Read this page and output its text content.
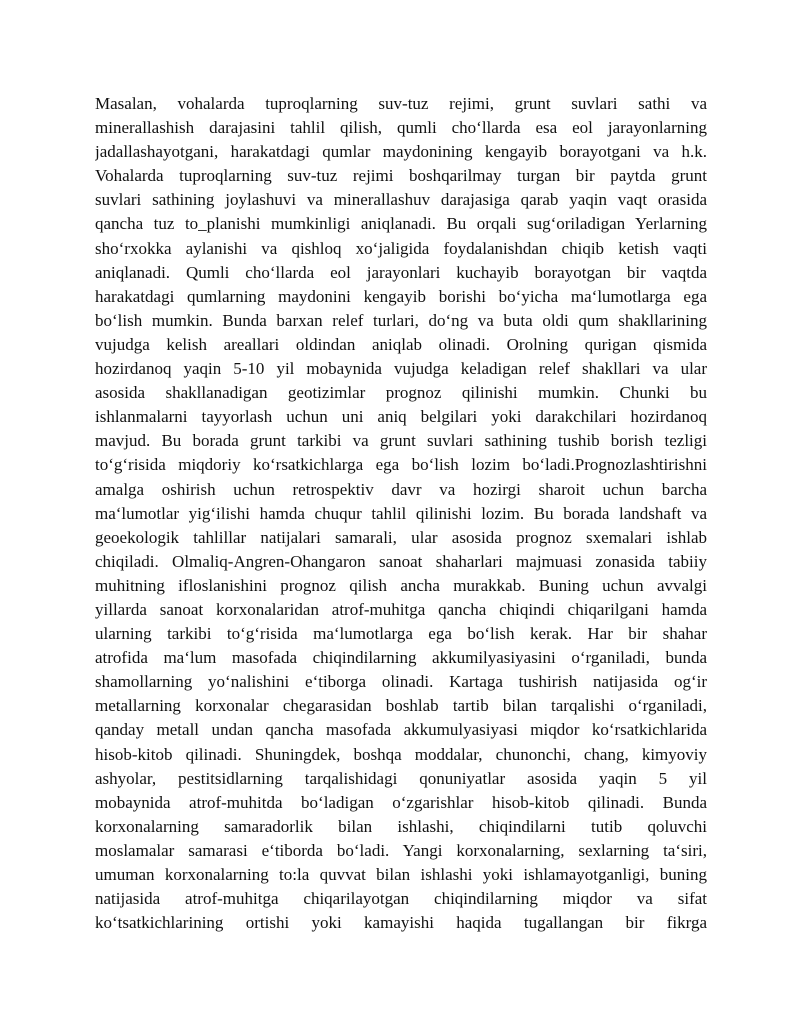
Masalan, vohalarda tuproqlarning suv-tuz rejimi, grunt suvlari sathi va
minerallashish darajasini tahlil qilish, qumli cho‘llarda esa eol jarayonlarning
jadallashayotgani, harakatdagi qumlar maydonining kengayib borayotgani va h.k.
Vohalarda tuproqlarning suv-tuz rejimi boshqarilmay turgan bir paytda grunt
suvlari sathining joylashuvi va minerallashuv darajasiga qarab yaqin vaqt orasida
qancha tuz to_planishi mumkinligi aniqlanadi. Bu orqali sug‘oriladigan Yerlarning
sho‘rxokka aylanishi va qishloq xo‘jaligida foydalanishdan chiqib ketish vaqti
aniqlanadi. Qumli cho‘llarda eol jarayonlari kuchayib borayotgan bir vaqtda
harakatdagi qumlarning maydonini kengayib borishi bo‘yicha ma‘lumotlarga ega
bo‘lish mumkin. Bunda barxan relef turlari, do‘ng va buta oldi qum shakllarining
vujudga kelish areallari oldindan aniqlab olinadi. Orolning qurigan qismida
hozirdanoq yaqin 5-10 yil mobaynida vujudga keladigan relef shakllari va ular
asosida shakllanadigan geotizimlar prognoz qilinishi mumkin. Chunki bu
ishlanmalarni tayyorlash uchun uni aniq belgilari yoki darakchilari hozirdanoq
mavjud. Bu borada grunt tarkibi va grunt suvlari sathining tushib borish tezligi
to‘g‘risida miqdoriy ko‘rsatkichlarga ega bo‘lish lozim bo‘ladi.Prognozlashtirishni
amalga oshirish uchun retrospektiv davr va hozirgi sharoit uchun barcha
ma‘lumotlar yig‘ilishi hamda chuqur tahlil qilinishi lozim. Bu borada landshaft va
geoekologik tahlillar natijalari samarali, ular asosida prognoz sxemalari ishlab
chiqiladi. Olmaliq-Angren-Ohangaron sanoat shaharlari majmuasi zonasida tabiiy
muhitning ifloslanishini prognoz qilish ancha murakkab. Buning uchun avvalgi
yillarda sanoat korxonalaridan atrof-muhitga qancha chiqindi chiqarilgani hamda
ularning tarkibi to‘g‘risida ma‘lumotlarga ega bo‘lish kerak. Har bir shahar
atrofida ma‘lum masofada chiqindilarning akkumilyasiyasini o‘rganiladi, bunda
shamollarning yo‘nalishini e‘tiborga olinadi. Kartaga tushirish natijasida og‘ir
metallarning korxonalar chegarasidan boshlab tartib bilan tarqalishi o‘rganiladi,
qanday metall undan qancha masofada akkumulyasiyasi miqdor ko‘rsatkichlarida
hisob-kitob qilinadi. Shuningdek, boshqa moddalar, chunonchi, chang, kimyoviy
ashyolar, pestitsidlarning tarqalishidagi qonuniyatlar asosida yaqin 5 yil
mobaynida atrof-muhitda bo‘ladigan o‘zgarishlar hisob-kitob qilinadi. Bunda
korxonalarning samaradorlik bilan ishlashi, chiqindilarni tutib qoluvchi
moslamalar samarasi e‘tiborda bo‘ladi. Yangi korxonalarning, sexlarning ta‘siri,
umuman korxonalarning to:la quvvat bilan ishlashi yoki ishlamayotganligi, buning
natijasida atrof-muhitga chiqarilayotgan chiqindilarning miqdor va sifat
ko‘tsatkichlarining ortishi yoki kamayishi haqida tugallangan bir fikrga
